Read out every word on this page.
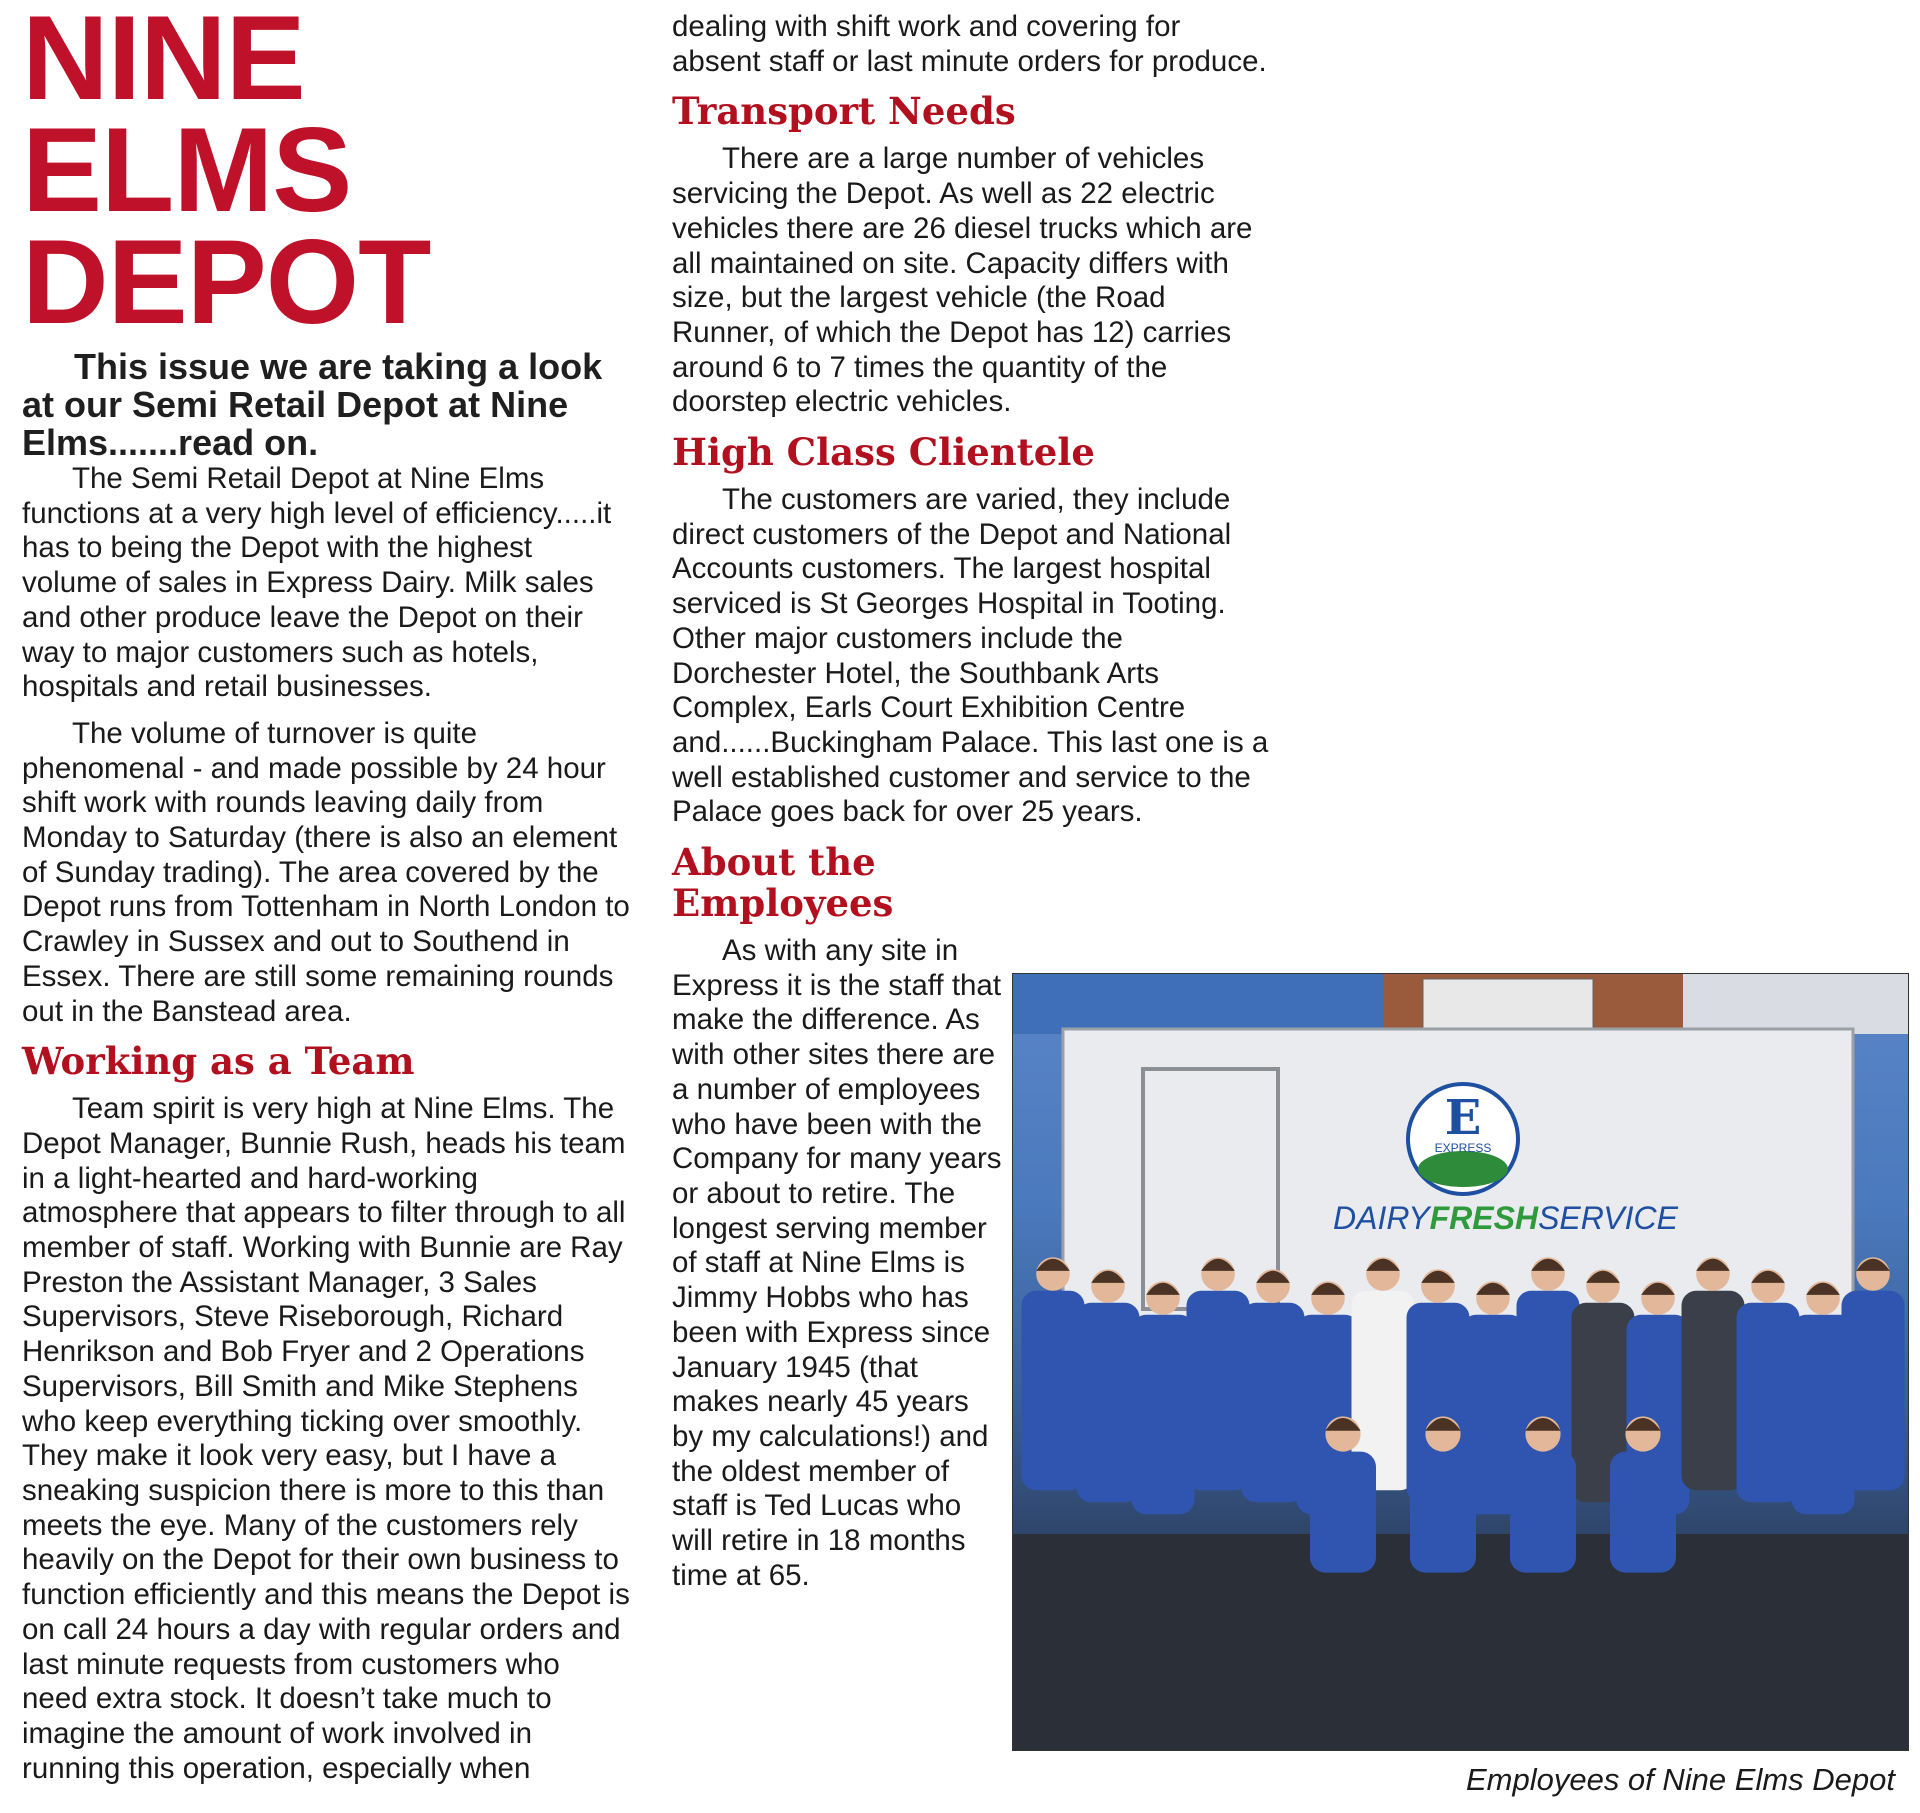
NINE ELMS
DEPOT

This issue we are taking a look at our Semi Retail Depot at Nine Elms.......read on.

The Semi Retail Depot at Nine Elms functions at a very high level of efficiency.....it has to being the Depot with the highest volume of sales in Express Dairy. Milk sales and other produce leave the Depot on their way to major customers such as hotels, hospitals and retail businesses.

The volume of turnover is quite phenomenal - and made possible by 24 hour shift work with rounds leaving daily from Monday to Saturday (there is also an element of Sunday trading). The area covered by the Depot runs from Tottenham in North London to Crawley in Sussex and out to Southend in Essex. There are still some remaining rounds out in the Banstead area.

Working as a Team

Team spirit is very high at Nine Elms. The Depot Manager, Bunnie Rush, heads his team in a light-hearted and hard-working atmosphere that appears to filter through to all member of staff. Working with Bunnie are Ray Preston the Assistant Manager, 3 Sales Supervisors, Steve Riseborough, Richard Henrikson and Bob Fryer and 2 Operations Supervisors, Bill Smith and Mike Stephens who keep everything ticking over smoothly. They make it look very easy, but I have a sneaking suspicion there is more to this than meets the eye. Many of the customers rely heavily on the Depot for their own business to function efficiently and this means the Depot is on call 24 hours a day with regular orders and last minute requests from customers who need extra stock. It doesn’t take much to imagine the amount of work involved in running this operation, especially when

dealing with shift work and covering for absent staff or last minute orders for produce.

Transport Needs

There are a large number of vehicles servicing the Depot. As well as 22 electric vehicles there are 26 diesel trucks which are all maintained on site. Capacity differs with size, but the largest vehicle (the Road Runner, of which the Depot has 12) carries around 6 to 7 times the quantity of the doorstep electric vehicles.

High Class Clientele

The customers are varied, they include direct customers of the Depot and National Accounts customers. The largest hospital serviced is St Georges Hospital in Tooting. Other major customers include the Dorchester Hotel, the Southbank Arts Complex, Earls Court Exhibition Centre and......Buckingham Palace. This last one is a well established customer and service to the Palace goes back for over 25 years.

About the
Employees

As with any site in Express it is the staff that make the difference. As with other sites there are a number of employees who have been with the Company for many years or about to retire. The longest serving member of staff at Nine Elms is Jimmy Hobbs who has been with Express since January 1945 (that makes nearly 45 years by my calculations!) and the oldest member of staff is Ted Lucas who will retire in 18 months time at 65.

E
EXPRESS
DAIRYFRESHSERVICE
Employees of Nine Elms Depot
